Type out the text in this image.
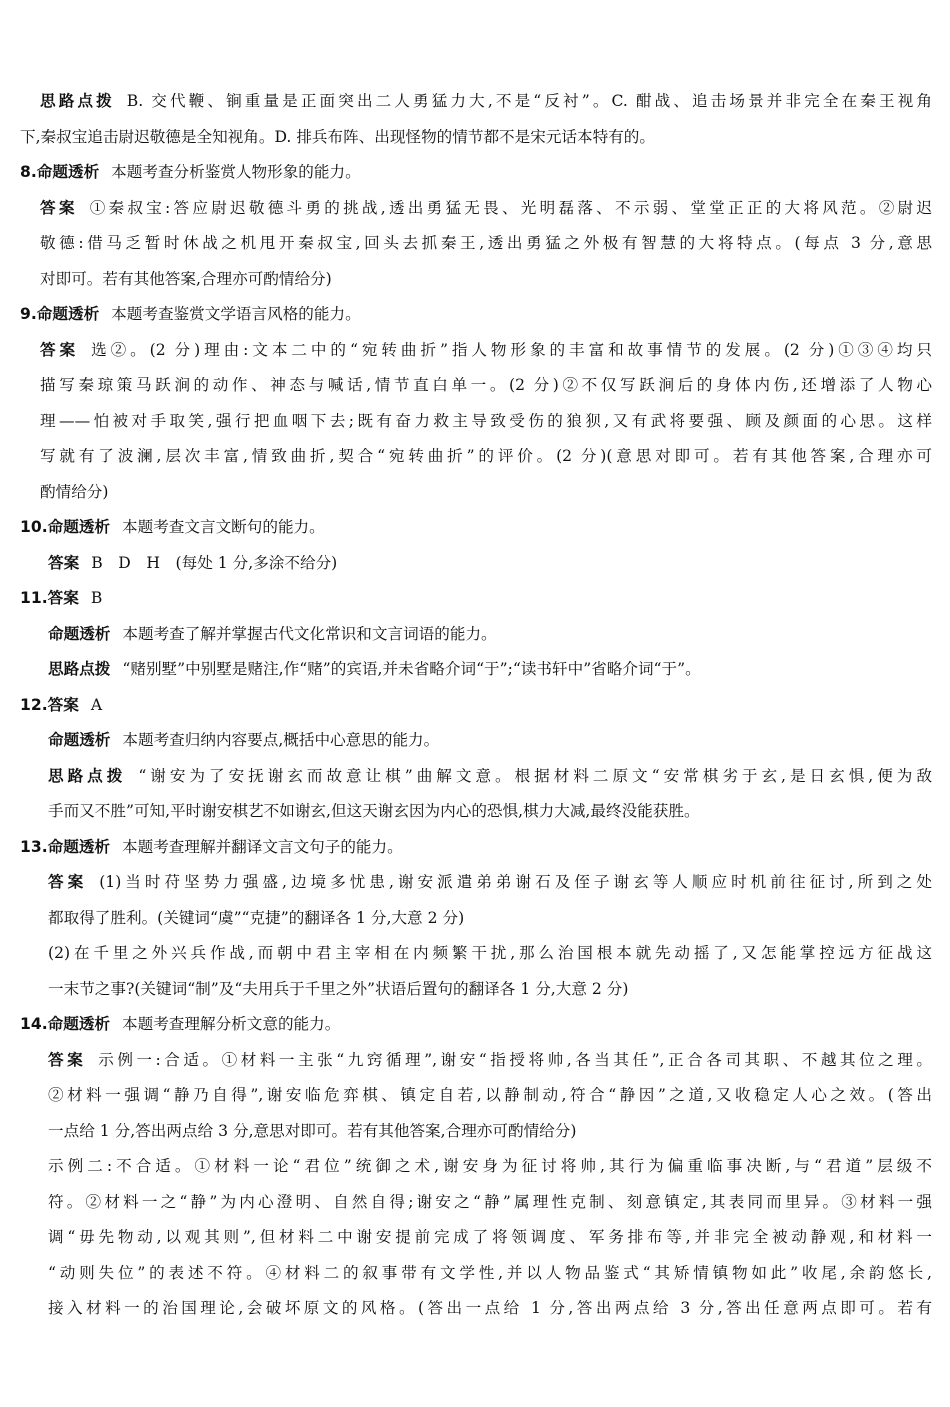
思路点拨 B. 交代鞭、锏重量是正面突出二人勇猛力大,不是“反衬”。C. 酣战、追击场景并非完全在秦王视角
下,秦叔宝追击尉迟敬德是全知视角。D. 排兵布阵、出现怪物的情节都不是宋元话本特有的。
8.命题透析 本题考查分析鉴赏人物形象的能力。
答案 ①秦叔宝:答应尉迟敬德斗勇的挑战,透出勇猛无畏、光明磊落、不示弱、堂堂正正的大将风范。②尉迟
敬德:借马乏暂时休战之机甩开秦叔宝,回头去抓秦王,透出勇猛之外极有智慧的大将特点。(每点 3 分,意思
对即可。若有其他答案,合理亦可酌情给分)
9.命题透析 本题考查鉴赏文学语言风格的能力。
答案 选②。(2 分)理由:文本二中的“宛转曲折”指人物形象的丰富和故事情节的发展。(2 分)①③④均只
描写秦琼策马跃涧的动作、神态与喊话,情节直白单一。(2 分)②不仅写跃涧后的身体内伤,还增添了人物心
理——怕被对手取笑,强行把血咽下去;既有奋力救主导致受伤的狼狈,又有武将要强、顾及颜面的心思。这样
写就有了波澜,层次丰富,情致曲折,契合“宛转曲折”的评价。(2 分)(意思对即可。若有其他答案,合理亦可
酌情给分)
10.命题透析 本题考查文言文断句的能力。
答案 B　D　H　(每处 1 分,多涂不给分)
11.答案 B
命题透析 本题考查了解并掌握古代文化常识和文言词语的能力。
思路点拨 “赌别墅”中别墅是赌注,作“赌”的宾语,并未省略介词“于”;“读书轩中”省略介词“于”。
12.答案 A
命题透析 本题考查归纳内容要点,概括中心意思的能力。
思路点拨 “谢安为了安抚谢玄而故意让棋”曲解文意。根据材料二原文“安常棋劣于玄,是日玄惧,便为敌
手而又不胜”可知,平时谢安棋艺不如谢玄,但这天谢玄因为内心的恐惧,棋力大减,最终没能获胜。
13.命题透析 本题考查理解并翻译文言文句子的能力。
答案 (1)当时苻坚势力强盛,边境多忧患,谢安派遣弟弟谢石及侄子谢玄等人顺应时机前往征讨,所到之处
都取得了胜利。(关键词“虞”“克捷”的翻译各 1 分,大意 2 分)
(2)在千里之外兴兵作战,而朝中君主宰相在内频繁干扰,那么治国根本就先动摇了,又怎能掌控远方征战这
一末节之事?(关键词“制”及“夫用兵于千里之外”状语后置句的翻译各 1 分,大意 2 分)
14.命题透析 本题考查理解分析文意的能力。
答案 示例一:合适。①材料一主张“九窍循理”,谢安“指授将帅,各当其任”,正合各司其职、不越其位之理。
②材料一强调“静乃自得”,谢安临危弈棋、镇定自若,以静制动,符合“静因”之道,又收稳定人心之效。(答出
一点给 1 分,答出两点给 3 分,意思对即可。若有其他答案,合理亦可酌情给分)
示例二:不合适。①材料一论“君位”统御之术,谢安身为征讨将帅,其行为偏重临事决断,与“君道”层级不
符。②材料一之“静”为内心澄明、自然自得;谢安之“静”属理性克制、刻意镇定,其表同而里异。③材料一强
调“毋先物动,以观其则”,但材料二中谢安提前完成了将领调度、军务排布等,并非完全被动静观,和材料一
“动则失位”的表述不符。④材料二的叙事带有文学性,并以人物品鉴式“其矫情镇物如此”收尾,余韵悠长,
接入材料一的治国理论,会破坏原文的风格。(答出一点给 1 分,答出两点给 3 分,答出任意两点即可。若有
